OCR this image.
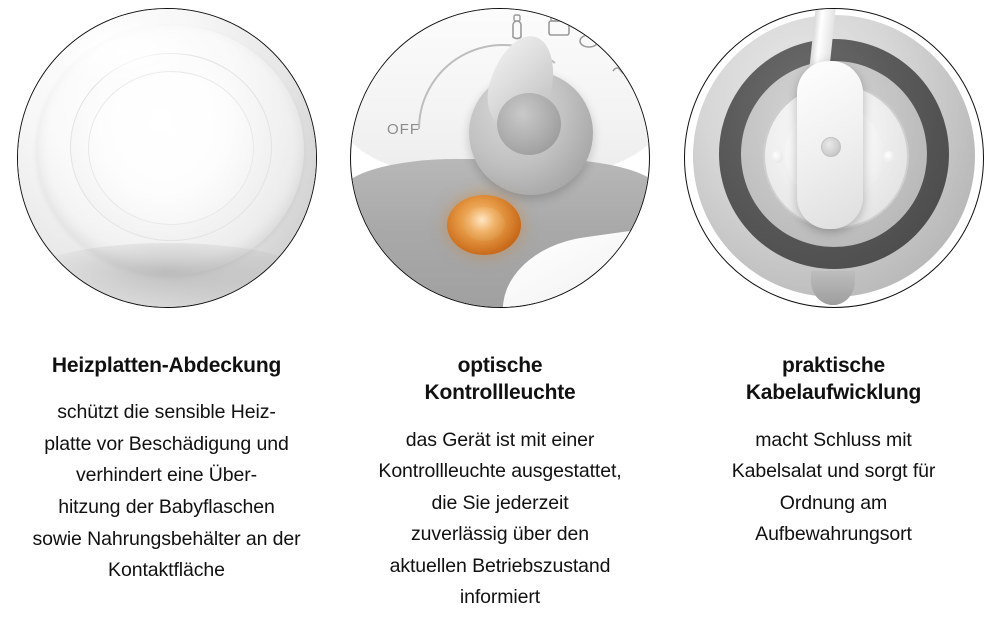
Heizplatten-Abdeckung
schützt die sensible Heiz-
platte vor Beschädigung und
verhindert eine Über-
hitzung der Babyflaschen
sowie Nahrungsbehälter an der
Kontaktfläche
OFF
optische
Kontrollleuchte
das Gerät ist mit einer
Kontrollleuchte ausgestattet,
die Sie jederzeit
zuverlässig über den
aktuellen Betriebszustand
informiert
praktische
Kabelaufwicklung
macht Schluss mit
Kabelsalat und sorgt für
Ordnung am
Aufbewahrungsort
